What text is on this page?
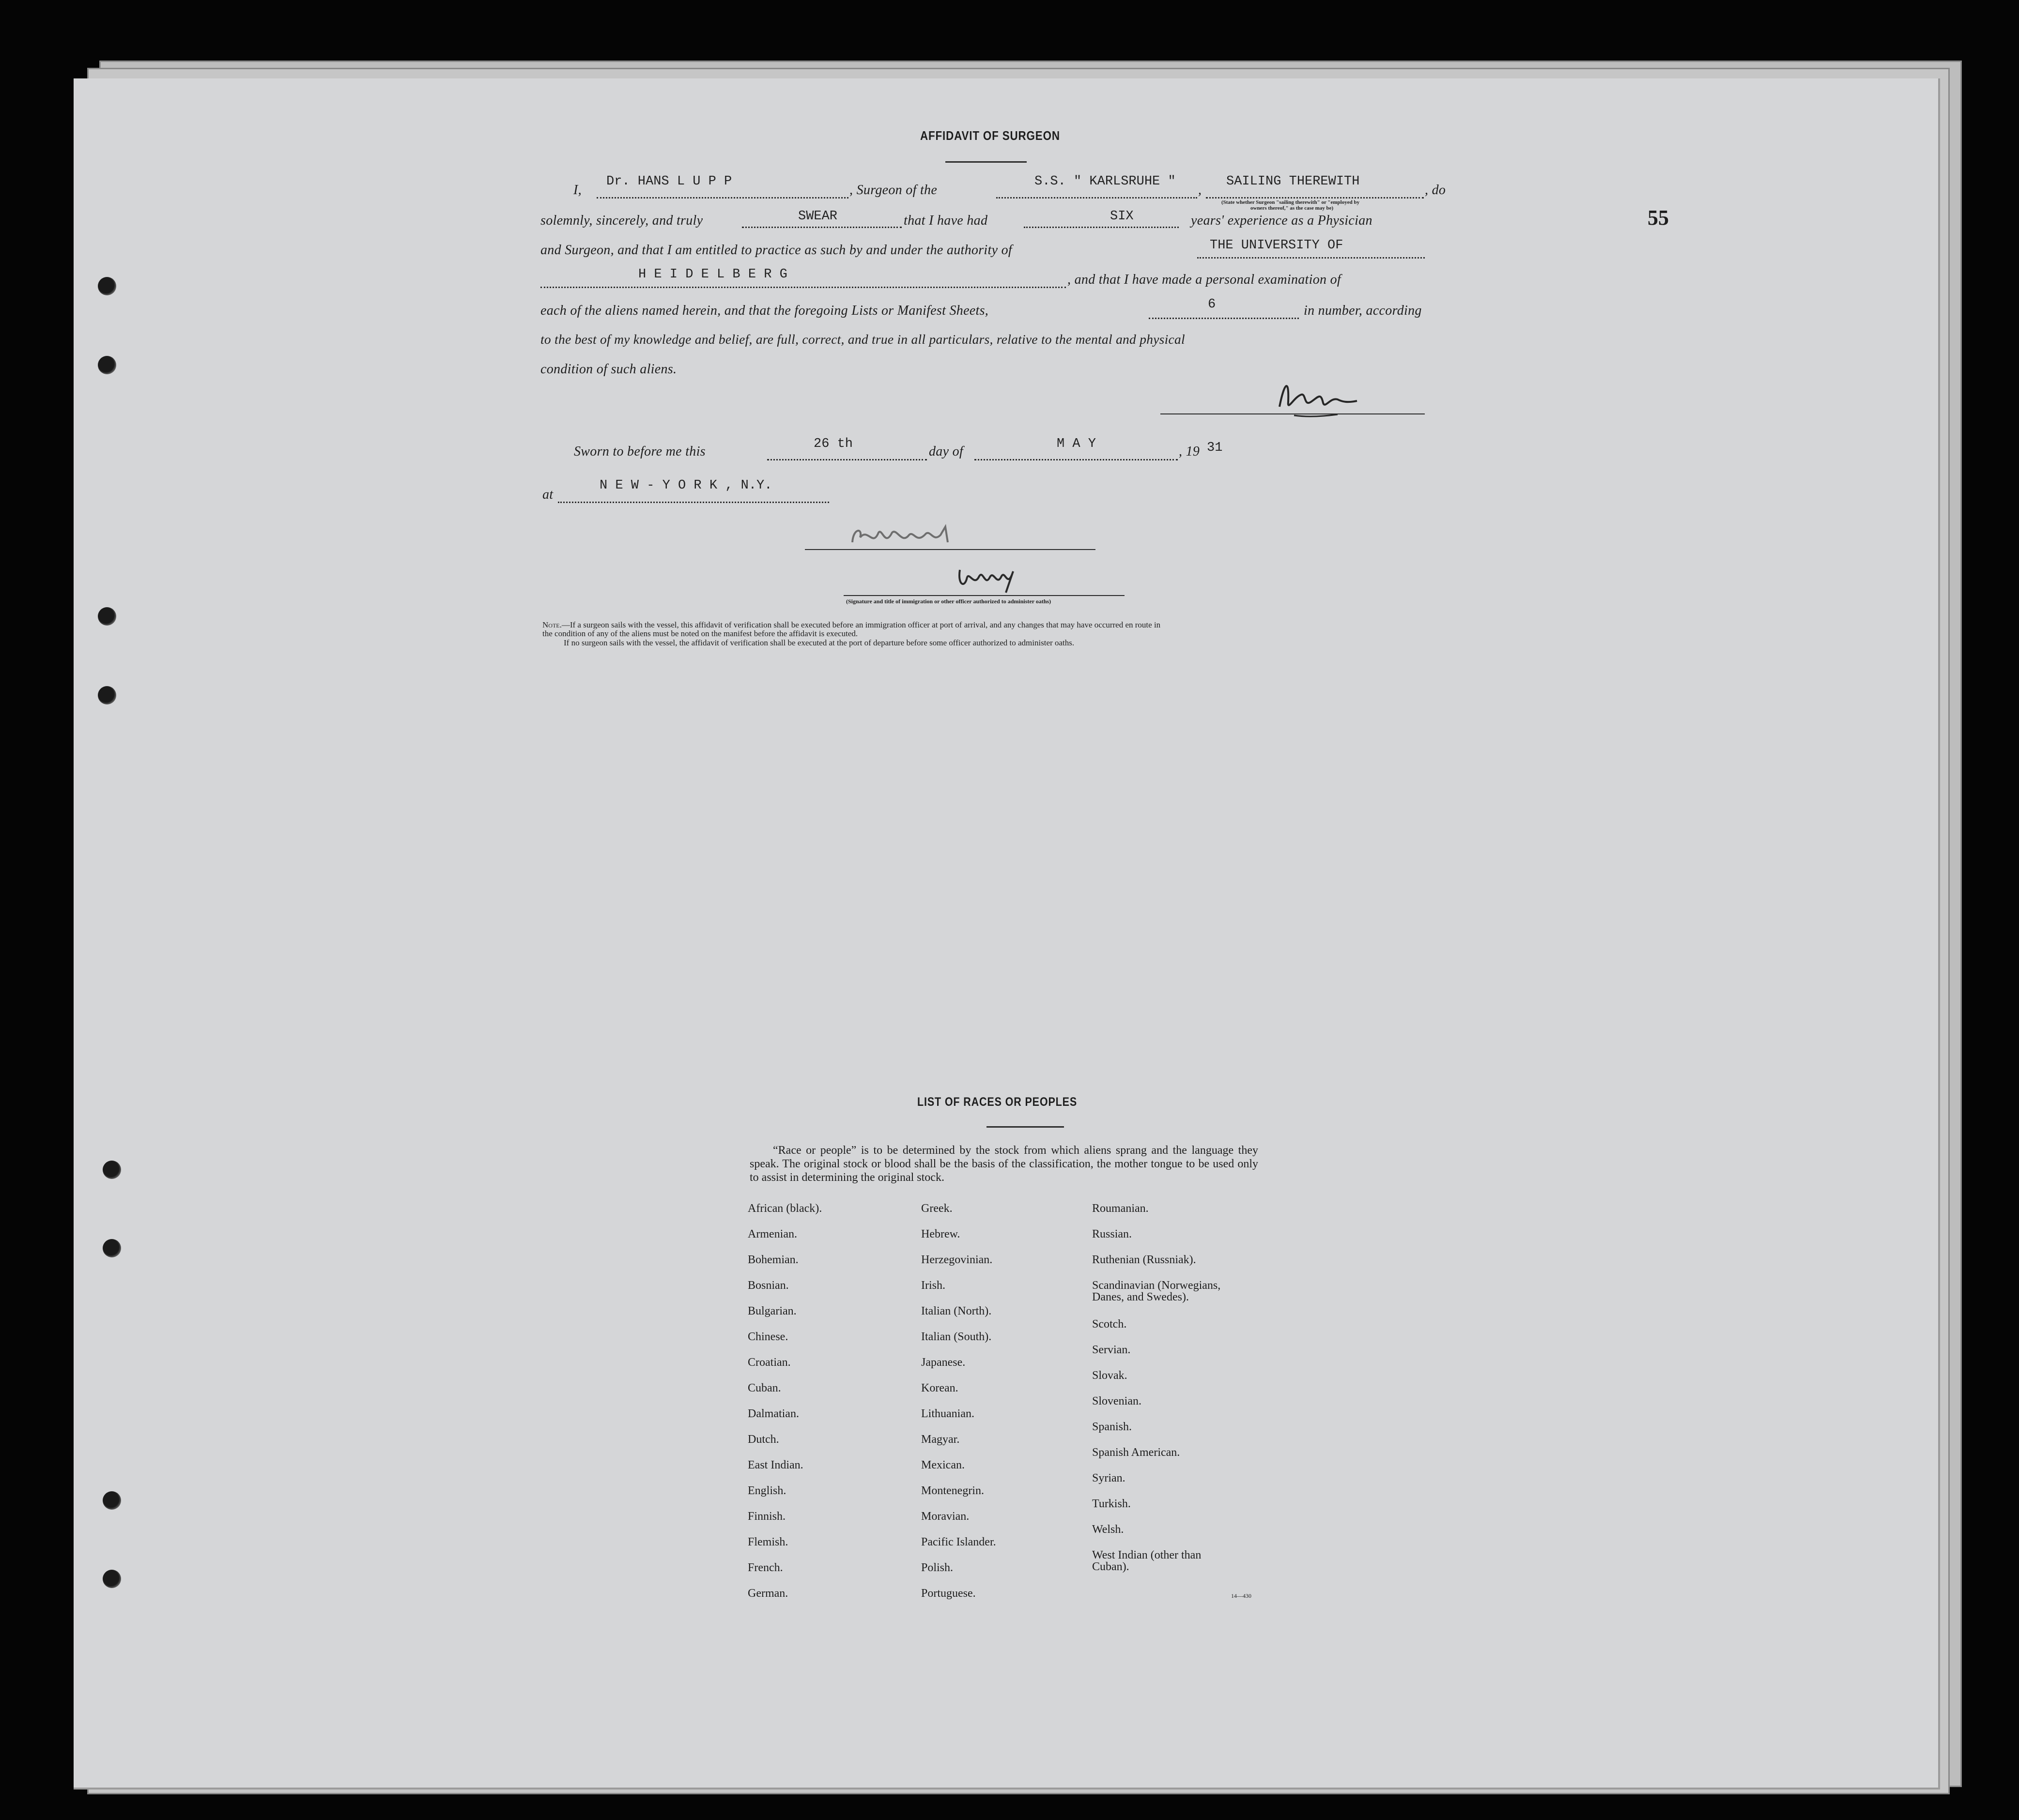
55
AFFIDAVIT OF SURGEON
I,
Dr. HANS L U P P
, Surgeon of the
S.S. " KARLSRUHE "
,
SAILING THEREWITH
, do
(State whether Surgeon "sailing therewith" or "employed by
owners thereof," as the case may be)
solemnly, sincerely, and truly	SWEAR	that I have had	SIX	years' experience as a Physician
and Surgeon, and that I am entitled to practice as such by and under the authority of	THE UNIVERSITY OF
H E I D E L B E R G	, and that I have made a personal examination of
each of the aliens named herein, and that the foregoing Lists or Manifest Sheets,	6	in number, according
to the best of my knowledge and belief, are full, correct, and true in all particulars, relative to the mental and physical
condition of such aliens.
Sworn to before me this	26 th	day of	M A Y	, 19 31
at
N E W - Y O R K , N.Y.
(Signature and title of immigration or other officer authorized to administer oaths)
Note.—If a surgeon sails with the vessel, this affidavit of verification shall be executed before an immigration officer at port of arrival, and any changes that may have occurred en route in
the condition of any of the aliens must be noted on the manifest before the affidavit is executed.
If no surgeon sails with the vessel, the affidavit of verification shall be executed at the port of departure before some officer authorized to administer oaths.
LIST OF RACES OR PEOPLES
“Race or people” is to be determined by the stock from which aliens sprang and the language they speak. The original stock or blood shall be the basis of the classification, the mother tongue to be used only to assist in determining the original stock.
African (black).
Armenian.
Bohemian.
Bosnian.
Bulgarian.
Chinese.
Croatian.
Cuban.
Dalmatian.
Dutch.
East Indian.
English.
Finnish.
Flemish.
French.
German.
Greek.
Hebrew.
Herzegovinian.
Irish.
Italian (North).
Italian (South).
Japanese.
Korean.
Lithuanian.
Magyar.
Mexican.
Montenegrin.
Moravian.
Pacific Islander.
Polish.
Portuguese.
Roumanian.
Russian.
Ruthenian (Russniak).
Scandinavian (Norwegians, Danes, and Swedes).
Scotch.
Servian.
Slovak.
Slovenian.
Spanish.
Spanish American.
Syrian.
Turkish.
Welsh.
West Indian (other than Cuban).
14—430
